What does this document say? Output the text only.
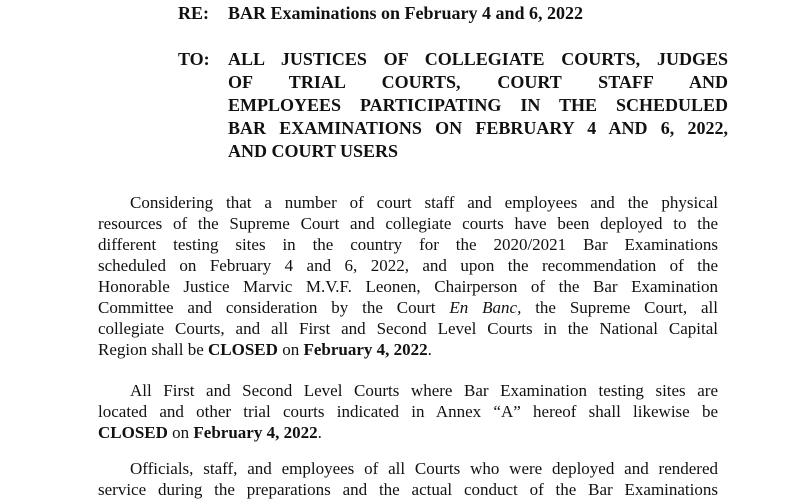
RE: BAR Examinations on February 4 and 6, 2022
TO: ALL JUSTICES OF COLLEGIATE COURTS, JUDGES
OF TRIAL COURTS, COURT STAFF AND
EMPLOYEES PARTICIPATING IN THE SCHEDULED
BAR EXAMINATIONS ON FEBRUARY 4 AND 6, 2022,
AND COURT USERS
Considering that a number of court staff and employees and the physical
resources of the Supreme Court and collegiate courts have been deployed to the
different testing sites in the country for the 2020/2021 Bar Examinations
scheduled on February 4 and 6, 2022, and upon the recommendation of the
Honorable Justice Marvic M.V.F. Leonen, Chairperson of the Bar Examination
Committee and consideration by the Court En Banc, the Supreme Court, all
collegiate Courts, and all First and Second Level Courts in the National Capital
Region shall be CLOSED on February 4, 2022.
All First and Second Level Courts where Bar Examination testing sites are
located and other trial courts indicated in Annex “A” hereof shall likewise be
CLOSED on February 4, 2022.
Officials, staff, and employees of all Courts who were deployed and rendered
service during the preparations and the actual conduct of the Bar Examinations
